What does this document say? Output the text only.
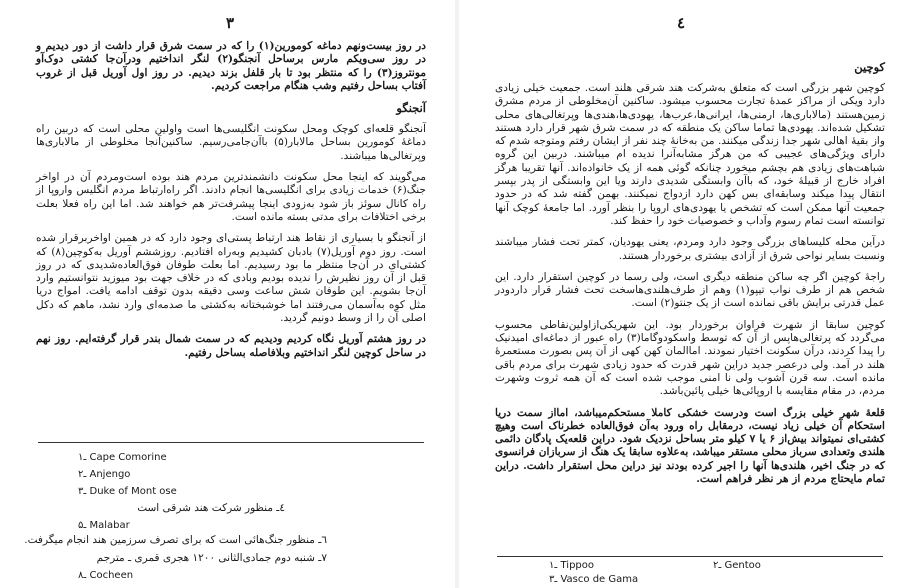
۳

در روز بیست‌ونهم دماغه کومورین(۱) را که در سمت شرق قرار داشت از دور دیدیم و در روز سی‌ویکم مارس برساحل آنجنگو(۲) لنگر انداختیم ودرآن‌جا کشتی دوک‌آو مونتروز(۳) را که منتظر بود تا بار قلفل بزند دیدیم. در روز اول آوریل قبل از غروب آفتاب بساحل رفتیم وشب هنگام مراجعت کردیم.

آنجنگو

آنجنگو قلعه‌ای کوچک ومحل سکونت انگلیسی‌ها است واولین محلی است که دربین راه دماغهٔ کومورین بساحل مالابار(۵) باآن‌جامی‌رسیم. ساکنین‌آنجا مخلوطی از مالاباری‌ها وپرتغالی‌ها میباشند.

می‌گویند که اینجا محل سکونت دانشمندترین مردم هند بوده است‌ومردم آن در اواخر جنگ(۶) خدمات زیادی برای انگلیسی‌ها انجام دادند. اگر راه‌ارتباط مردم انگلیس‌ واروپا از راه کانال سوئز باز شود به‌زودی اینجا پیشرفت‌تر هم خواهند شد. اما این راه فعلا بعلت برخی اختلافات برای مدتی بسته مانده است.

از آنجنگو با بسیاری از نقاط هند ارتباط پستی‌ای وجود دارد که در همین اواخربرقرار شده است. روز دوم آوریل(۷) بادبان کشیدیم وبه‌راه افتادیم. روزششم آوریل به‌کوچین(۸) که کشتی‌ای در آن‌جا منتظر ما بود رسیدیم. اما بعلت طوفان فوق‌العاده‌شدیدی که در روز قبل از آن روز نظیرش را ندیده بودیم وبادی که در خلاف جهت بود میوزید نتوانستیم وارد آن‌جا بشویم. این طوفان شش ساعت وسی دقیقه بدون توقف ادامه یافت. امواج دریا مثل کوه به‌آسمان می‌رفتند اما خوشبختانه به‌کشتی ما صدمه‌ای وارد نشد، ماهم که دکل اصلی آن را از وسط دونیم گردید.

در روز هشتم آوریل نگاه کردیم ودیدیم که در سمت شمال بندر قرار گرفته‌ایم. روز نهم در ساحل کوچین لنگر انداختیم وبلافاصله بساحل رفتیم.

۱ـ Cape Comorine
۲ـ Anjengo
۳ـ Duke of Mont ose
٤ـ منظور شرکت هند شرقی است
۵ـ Malabar
٦ـ منظور جنگ‌هائی است که برای تصرف سرزمین هند انجام میگرفت.
۷ـ شنبه دوم جمادی‌الثانی ۱۲۰۰ هجری قمری ـ مترجم
۸ـ Cocheen
٤
کوچین

کوچین شهر بزرگی است که متعلق به‌شرکت هند شرقی هلند است. جمعیت خیلی زیادی دارد ویکی از مراکز عمدهٔ تجارت محسوب میشود. ساکنین آن‌مخلوطی از مردم مشرق زمین‌هستند (مالاباری‌ها، ارمنی‌ها، ایرانی‌ها،عرب‌ها، یهودی‌ها،هندی‌ها وپرتغالی‌های محلی تشکیل شده‌اند. یهودی‌ها تماما ساکن یک منطقه که در سمت شرق شهر قرار دارد هستند واز بقیهٔ اهالی شهر جدا زندگی میکنند. من به‌خانهٔ چند نفر از ایشان رفتم ومتوجه شدم که دارای ویژگی‌های عجیبی که من هرگز مشابه‌آنرا ندیده ام میباشند. دربین این گروه شباهت‌های زیادی هم بچشم میخورد چنانکه گوئی همه از یک خانواده‌اند. آنها تقریبا هرگز افراد خارج از قبیلهٔ خود، که باآن وابستگی شدیدی دارند ویا این وابستگی از پدر بپسر انتقال پیدا میکند وسابقه‌ای بس کهن دارد ازدواج نمیکنند. بهمن گفته شد که در حدود جمعیت آنها ممکن است که تشخص یا یهودی‌های اروپا را بنظر آورد. اما جامعهٔ کوچک آنها توانسته است تمام رسوم وآداب و خصوصیات خود را حفظ کند.

درآین محله کلیساهای بزرگی وجود دارد ومردم، یعنی یهودیان، کمتر تحت فشار میباشند ونسبت بسایر نواحی شرق از آزادی بیشتری برخوردار هستند.

راجهٔ کوچین اگر چه ساکن منطقه دیگری است، ولی رسما در کوچین استقرار دارد. این شخص هم از طرف نواب تیپو(۱) وهم از طرف‌هلندی‌هاسخت تحت فشار قرار داردودر عمل قدرتی برایش باقی نمانده است از یک جنتو(۲) است.

کوچین سابقا از شهرت فراوان برخوردار بود. این شهریکی‌ازاولین‌نقاطی محسوب می‌گردد که پرتغالی‌هاپس از آن که توسط واسکودوگاما(۳) راه عبور از دماغه‌ای امیدنیک را پیدا کردند، درآن سکونت اختیار نمودند. اماالمان کهن کهی از آن پس بصورت مستعمرهٔ هلند در آمد. ولی درعصر جدید دراین شهر قدرت که حدود زیادی شهرت برای مردم باقی مانده است. سه قرن آشوب ولی نا امنی موجب شده است که آن همه ثروت وشهرت مردم، در مقام مقایسه با اروپائی‌ها خیلی پائین‌باشد.

قلعهٔ شهر خیلی بزرگ است ودرست خشکی کاملا مستحکم‌میباشد، امااز سمت دریا استحکام آن خیلی زیاد نیست، درمقابل راه ورود به‌آن فوق‌العاده خطرناک است وهیچ کشتی‌ای نمیتواند بیش‌از ۶ یا ۷ کیلو متر بساحل نزدیک شود. دراین قلعه‌یک پادگان دائمی هلندی وتعدادی سرباز محلی مستقر میباشد، به‌علاوه سابقا یک هنگ از سربازان فرانسوی که در جنگ اخیر، هلندی‌ها آنها را اجیر کرده بودند نیز دراین محل استقرار داشت. دراین تمام مایحتاج مردم از هر نظر فراهم است.

۱ـ Tippoo	۲ـ Gentoo
۳ـ Vasco de Gama
